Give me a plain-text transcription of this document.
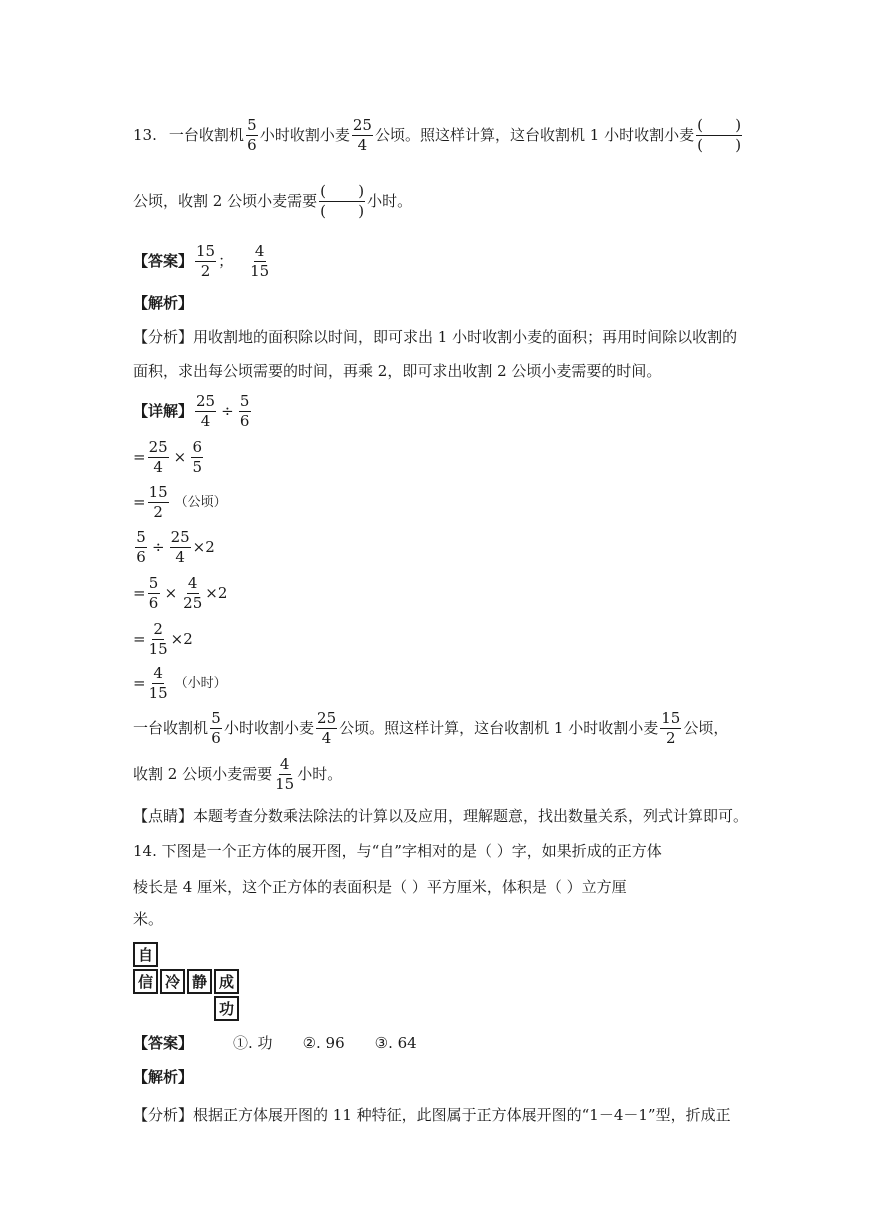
13. 一台收割机 $\frac{5}{6}$ 小时收割小麦 $\frac{25}{4}$ 公顷。照这样计算，这台收割机 1 小时收割小麦 $\frac{( )}{( )}$
公顷，收割 2 公顷小麦需要 $\frac{( )}{( )}$ 小时。
【答案】 $\frac{15}{2}$ ； $\frac{4}{15}$
【解析】
【分析】用收割地的面积除以时间，即可求出 1 小时收割小麦的面积；再用时间除以收割的
面积，求出每公顷需要的时间，再乘 2，即可求出收割 2 公顷小麦需要的时间。
【详解】 $\frac{25}{4} \div \frac{5}{6}$
= $\frac{25}{4} \times \frac{6}{5}$
= $\frac{15}{2}$ （公顷）
$\frac{5}{6} \div \frac{25}{4} \times 2$
= $\frac{5}{6} \times \frac{4}{25} \times 2$
= $\frac{2}{15} \times 2$
= $\frac{4}{15}$ （小时）
一台收割机 $\frac{5}{6}$ 小时收割小麦 $\frac{25}{4}$ 公顷。照这样计算，这台收割机 1 小时收割小麦 $\frac{15}{2}$ 公顷，
收割 2 公顷小麦需要 $\frac{4}{15}$ 小时。
【点睛】本题考查分数乘法除法的计算以及应用，理解题意，找出数量关系，列式计算即可。
14. 下图是一个正方体的展开图，与“自”字相对的是（ ）字，如果折成的正方体
棱长是 4 厘米，这个正方体的表面积是（ ）平方厘米，体积是（ ）立方厘
米。
自
信 冷 静 成
功
【答案】	①. 功 ②. 96 ③. 64
【解析】
【分析】根据正方体展开图的 11 种特征，此图属于正方体展开图的“1－4－1”型，折成正
